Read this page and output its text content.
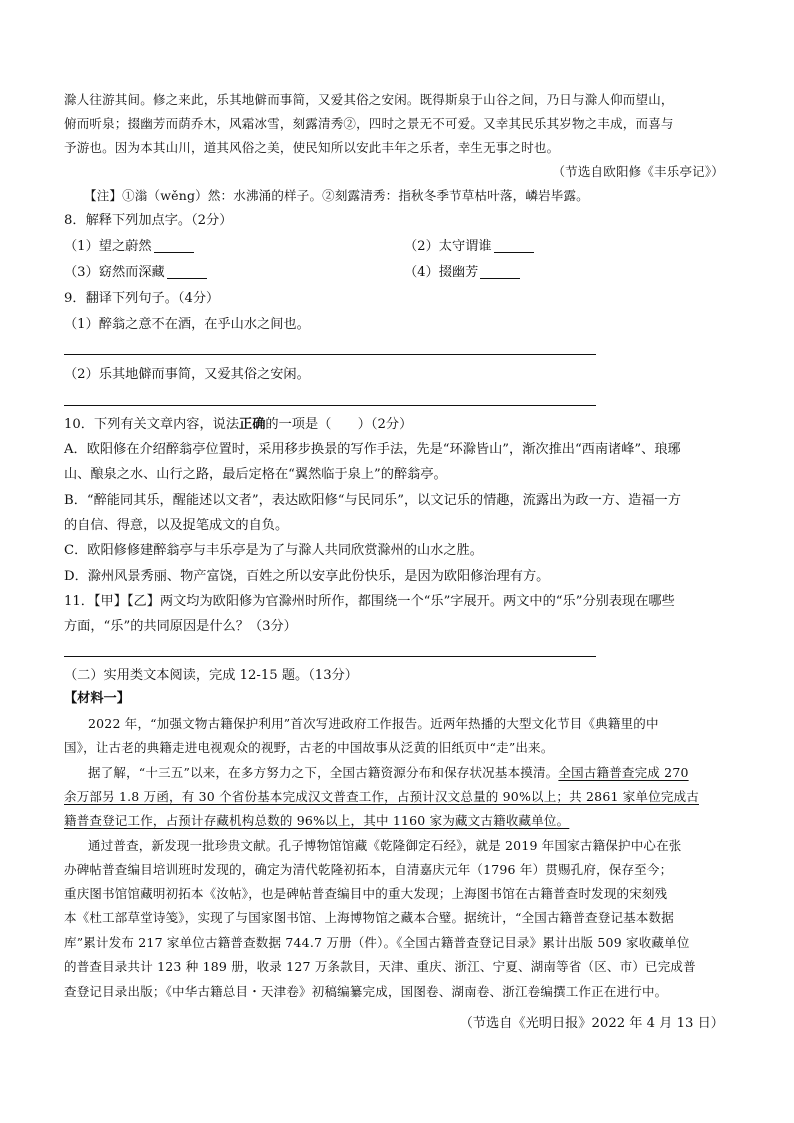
滁人往游其间。修之来此，乐其地僻而事简，又爱其俗之安闲。既得斯泉于山谷之间，乃日与滁人仰而望山，
俯而听泉；掇幽芳而荫乔木，风霜冰雪，刻露清秀②，四时之景无不可爱。又幸其民乐其岁物之丰成，而喜与
予游也。因为本其山川，道其风俗之美，使民知所以安此丰年之乐者，幸生无事之时也。
（节选自欧阳修《丰乐亭记》）
【注】①滃（wěng）然：水沸涌的样子。②刻露清秀：指秋冬季节草枯叶落，嶙岩毕露。
8．解释下列加点字。（2分）
（1）望之蔚然	（2）太守谓谁
（3）窈然而深藏	（4）掇幽芳
9．翻译下列句子。（4分）
（1）醉翁之意不在酒，在乎山水之间也。
（2）乐其地僻而事简，又爱其俗之安闲。
10．下列有关文章内容，说法正确的一项是（　　）（2分）
A．欧阳修在介绍醉翁亭位置时，采用移步换景的写作手法，先是“环滁皆山”，渐次推出“西南诸峰”、琅琊
山、酿泉之水、山行之路，最后定格在“翼然临于泉上”的醉翁亭。
B．“醉能同其乐，醒能述以文者”，表达欧阳修“与民同乐”，以文记乐的情趣，流露出为政一方、造福一方
的自信、得意，以及捉笔成文的自负。
C．欧阳修修建醉翁亭与丰乐亭是为了与滁人共同欣赏滁州的山水之胜。
D．滁州风景秀丽、物产富饶，百姓之所以安享此份快乐，是因为欧阳修治理有方。
11．【甲】【乙】两文均为欧阳修为官滁州时所作，都围绕一个“乐”字展开。两文中的“乐”分别表现在哪些
方面，“乐”的共同原因是什么？（3分）
（二）实用类文本阅读，完成 12-15 题。（13分）
【材料一】
2022 年，“加强文物古籍保护利用”首次写进政府工作报告。近两年热播的大型文化节目《典籍里的中
国》，让古老的典籍走进电视观众的视野，古老的中国故事从泛黄的旧纸页中“走”出来。
据了解，“十三五”以来，在多方努力之下，全国古籍资源分布和保存状况基本摸清。全国古籍普查完成 270
余万部另 1.8 万函，有 30 个省份基本完成汉文普查工作，占预计汉文总量的 90%以上；共 2861 家单位完成古
籍普查登记工作，占预计存藏机构总数的 96%以上，其中 1160 家为藏文古籍收藏单位。
通过普查，新发现一批珍贵文献。孔子博物馆馆藏《乾隆御定石经》，就是 2019 年国家古籍保护中心在张
办碑帖普查编目培训班时发现的，确定为清代乾隆初拓本，自清嘉庆元年（1796 年）贯赐孔府，保存至今；
重庆图书馆馆藏明初拓本《汝帖》，也是碑帖普查编目中的重大发现；上海图书馆在古籍普查时发现的宋刻残
本《杜工部草堂诗笺》，实现了与国家图书馆、上海博物馆之藏本合璧。据统计，“全国古籍普查登记基本数据
库”累计发布 217 家单位古籍普查数据 744.7 万册（件）。《全国古籍普查登记目录》累计出版 509 家收藏单位
的普查目录共计 123 种 189 册，收录 127 万条款目，天津、重庆、浙江、宁夏、湖南等省（区、市）已完成普
查登记目录出版；《中华古籍总目・天津卷》初稿编纂完成，国图卷、湖南卷、浙江卷编撰工作正在进行中。
（节选自《光明日报》2022 年 4 月 13 日）
